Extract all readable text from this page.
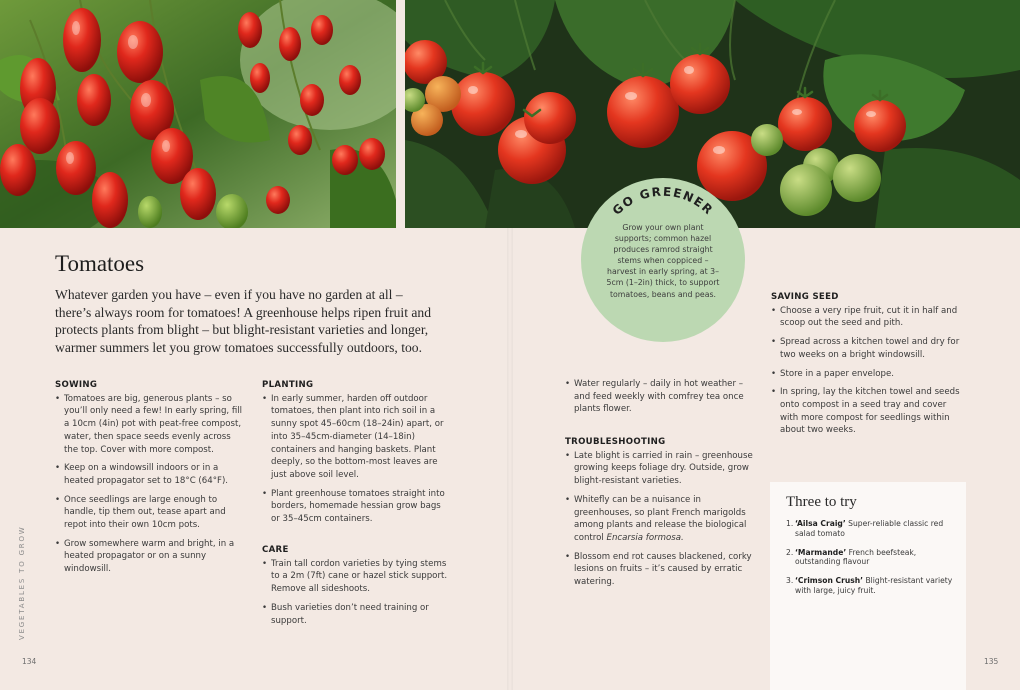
Tomatoes

Whatever garden you have – even if you have no garden at all – there’s always room for tomatoes! A greenhouse helps ripen fruit and protects plants from blight – but blight-resistant varieties and longer, warmer summers let you grow tomatoes successfully outdoors, too.

SOWING
• Tomatoes are big, generous plants – so you’ll only need a few! In early spring, fill a 10cm (4in) pot with peat-free compost, water, then space seeds evenly across the top. Cover with more compost.
• Keep on a windowsill indoors or in a heated propagator set to 18°C (64°F).
• Once seedlings are large enough to handle, tip them out, tease apart and repot into their own 10cm pots.
• Grow somewhere warm and bright, in a heated propagator or on a sunny windowsill.
PLANTING
• In early summer, harden off outdoor tomatoes, then plant into rich soil in a sunny spot 45–60cm (18–24in) apart, or into 35–45cm-diameter (14–18in) containers and hanging baskets. Plant deeply, so the bottom-most leaves are just above soil level.
• Plant greenhouse tomatoes straight into borders, homemade hessian grow bags or 35–45cm containers.
CARE
• Train tall cordon varieties by tying stems to a 2m (7ft) cane or hazel stick support. Remove all sideshoots.
• Bush varieties don’t need training or support.
VEGETABLES TO GROW
134
GO GREENER
Grow your own plant supports; common hazel produces ramrod straight stems when coppiced – harvest in early spring, at 3–5cm (1–2in) thick, to support tomatoes, beans and peas.
• Water regularly – daily in hot weather – and feed weekly with comfrey tea once plants flower.
TROUBLESHOOTING
• Late blight is carried in rain – greenhouse growing keeps foliage dry. Outside, grow blight-resistant varieties.
• Whitefly can be a nuisance in greenhouses, so plant French marigolds among plants and release the biological control Encarsia formosa.
• Blossom end rot causes blackened, corky lesions on fruits – it’s caused by erratic watering.
SAVING SEED
• Choose a very ripe fruit, cut it in half and scoop out the seed and pith.
• Spread across a kitchen towel and dry for two weeks on a bright windowsill.
• Store in a paper envelope.
• In spring, lay the kitchen towel and seeds onto compost in a seed tray and cover with more compost for seedlings within about two weeks.
Three to try
1. ‘Ailsa Craig’ Super-reliable classic red salad tomato
2. ‘Marmande’ French beefsteak, outstanding flavour
3. ‘Crimson Crush’ Blight-resistant variety with large, juicy fruit.
135
